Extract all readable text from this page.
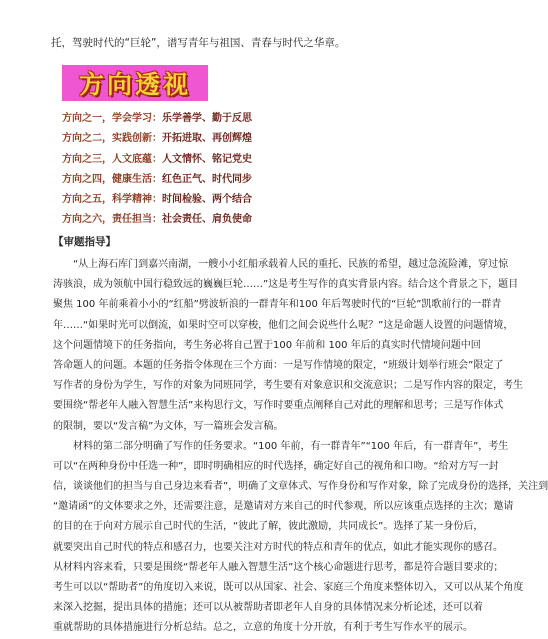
托，驾驶时代的“巨轮”，谱写青年与祖国、青春与时代之华章。
方向透视
方向之一，学会学习：乐学善学、勤于反思
方向之二，实践创新：开拓进取、再创辉煌
方向之三，人文底蕴：人文情怀、铭记党史
方向之四，健康生活：红色正气、时代同步
方向之五，科学精神：时间检验、两个结合
方向之六，责任担当：社会责任、肩负使命
【审题指导】
“从上海石库门到嘉兴南湖，一艘小小红船承载着人民的重托、民族的希望，越过急流险滩，穿过惊
涛骇浪，成为领航中国行稳致远的巍巍巨轮……”这是考生写作的真实背景内容。结合这个背景之下，题目
聚焦 100 年前乘着小小的“红船”劈波斩浪的一群青年和100 年后驾驶时代的“巨轮”凯歌前行的一群青
年……“如果时光可以倒流，如果时空可以穿梭，他们之间会说些什么呢？”这是命题人设置的问题情境，
这个问题情境下的任务指向，考生务必将自己置于100 年前和 100 年后的真实时代情境问题中回
答命题人的问题。本题的任务指令体现在三个方面：一是写作情境的限定，“班级计划举行班会”限定了
写作者的身份为学生，写作的对象为同班同学，考生要有对象意识和交流意识；二是写作内容的限定，考生
要围绕“帮老年人融入智慧生活”来构思行文，写作时要重点阐释自己对此的理解和思考；三是写作体式
的限制，要以“发言稿”为文体，写一篇班会发言稿。
材料的第二部分明确了写作的任务要求。“100 年前，有一群青年”“100 年后，有一群青年”，考生
可以“在两种身份中任选一种”，即时明确相应的时代选择，确定好自己的视角和口吻。“给对方写一封
信，谈谈他们的担当与自己身边来看者”，明确了文章体式、写作身份和写作对象，除了完成身份的选择，关注到
“邀请函”的文体要求之外，还需要注意，是邀请对方来自己的时代参观，所以应该重点选择的主次；邀请
的目的在于向对方展示自己时代的生活，“彼此了解，彼此激励，共同成长”。选择了某一身份后，
就要突出自己时代的特点和感召力，也要关注对方时代的特点和青年的优点，如此才能实现你的感召。
从材料内容来看，只要是围绕“帮老年人融入智慧生活”这个核心命题进行思考，都是符合题目要求的；
考生可以以“帮助者”的角度切入来说，既可以从国家、社会、家庭三个角度来整体切入，又可以从某个角度
来深入挖掘，提出具体的措施；还可以从被帮助者即老年人自身的具体情况来分析论述，还可以着
重就帮助的具体措施进行分析总结。总之，立意的角度十分开放，有利于考生写作水平的展示。
